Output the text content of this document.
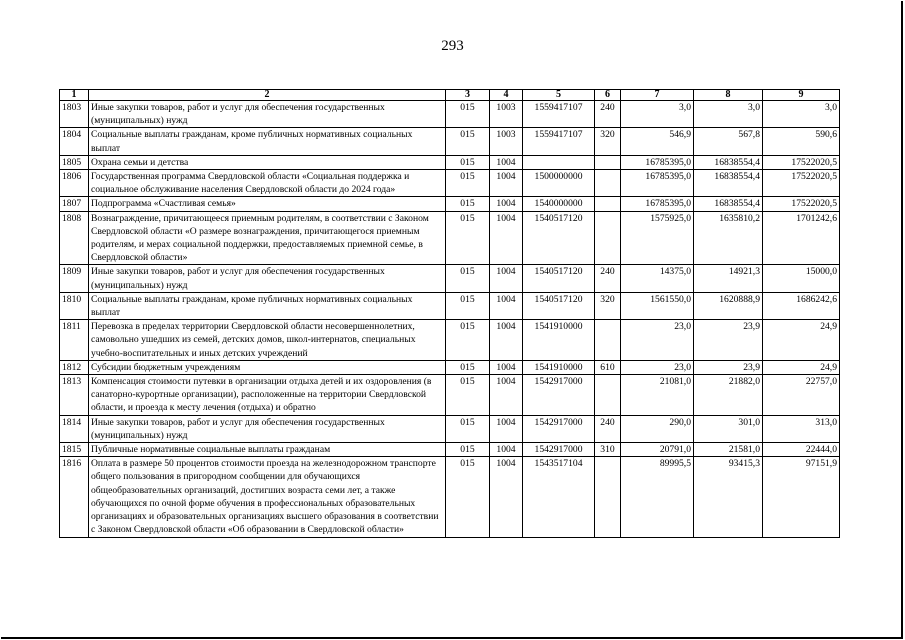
293
1	2	3	4	5	6	7	8	9
1803	Иные закупки товаров, работ и услуг для обеспечения государственных (муниципальных) нужд	015	1003	1559417107	240	3,0	3,0	3,0
1804	Социальные выплаты гражданам, кроме публичных нормативных социальных выплат	015	1003	1559417107	320	546,9	567,8	590,6
1805	Охрана семьи и детства	015	1004			16785395,0	16838554,4	17522020,5
1806	Государственная программа Свердловской области «Социальная поддержка и социальное обслуживание населения Свердловской области до 2024 года»	015	1004	1500000000		16785395,0	16838554,4	17522020,5
1807	Подпрограмма «Счастливая семья»	015	1004	1540000000		16785395,0	16838554,4	17522020,5
1808	Вознаграждение, причитающееся приемным родителям, в соответствии с Законом Свердловской области «О размере вознаграждения, причитающегося приемным родителям, и мерах социальной поддержки, предоставляемых приемной семье, в Свердловской области»	015	1004	1540517120		1575925,0	1635810,2	1701242,6
1809	Иные закупки товаров, работ и услуг для обеспечения государственных (муниципальных) нужд	015	1004	1540517120	240	14375,0	14921,3	15000,0
1810	Социальные выплаты гражданам, кроме публичных нормативных социальных выплат	015	1004	1540517120	320	1561550,0	1620888,9	1686242,6
1811	Перевозка в пределах территории Свердловской области несовершеннолетних, самовольно ушедших из семей, детских домов, школ-интернатов, специальных учебно-воспитательных и иных детских учреждений	015	1004	1541910000		23,0	23,9	24,9
1812	Субсидии бюджетным учреждениям	015	1004	1541910000	610	23,0	23,9	24,9
1813	Компенсация стоимости путевки в организации отдыха детей и их оздоровления (в санаторно-курортные организации), расположенные на территории Свердловской области, и проезда к месту лечения (отдыха) и обратно	015	1004	1542917000		21081,0	21882,0	22757,0
1814	Иные закупки товаров, работ и услуг для обеспечения государственных (муниципальных) нужд	015	1004	1542917000	240	290,0	301,0	313,0
1815	Публичные нормативные социальные выплаты гражданам	015	1004	1542917000	310	20791,0	21581,0	22444,0
1816	Оплата в размере 50 процентов стоимости проезда на железнодорожном транспорте общего пользования в пригородном сообщении для обучающихся общеобразовательных организаций, достигших возраста семи лет, а также обучающихся по очной форме обучения в профессиональных образовательных организациях и образовательных организациях высшего образования в соответствии с Законом Свердловской области «Об образовании в Свердловской области»	015	1004	1543517104		89995,5	93415,3	97151,9
